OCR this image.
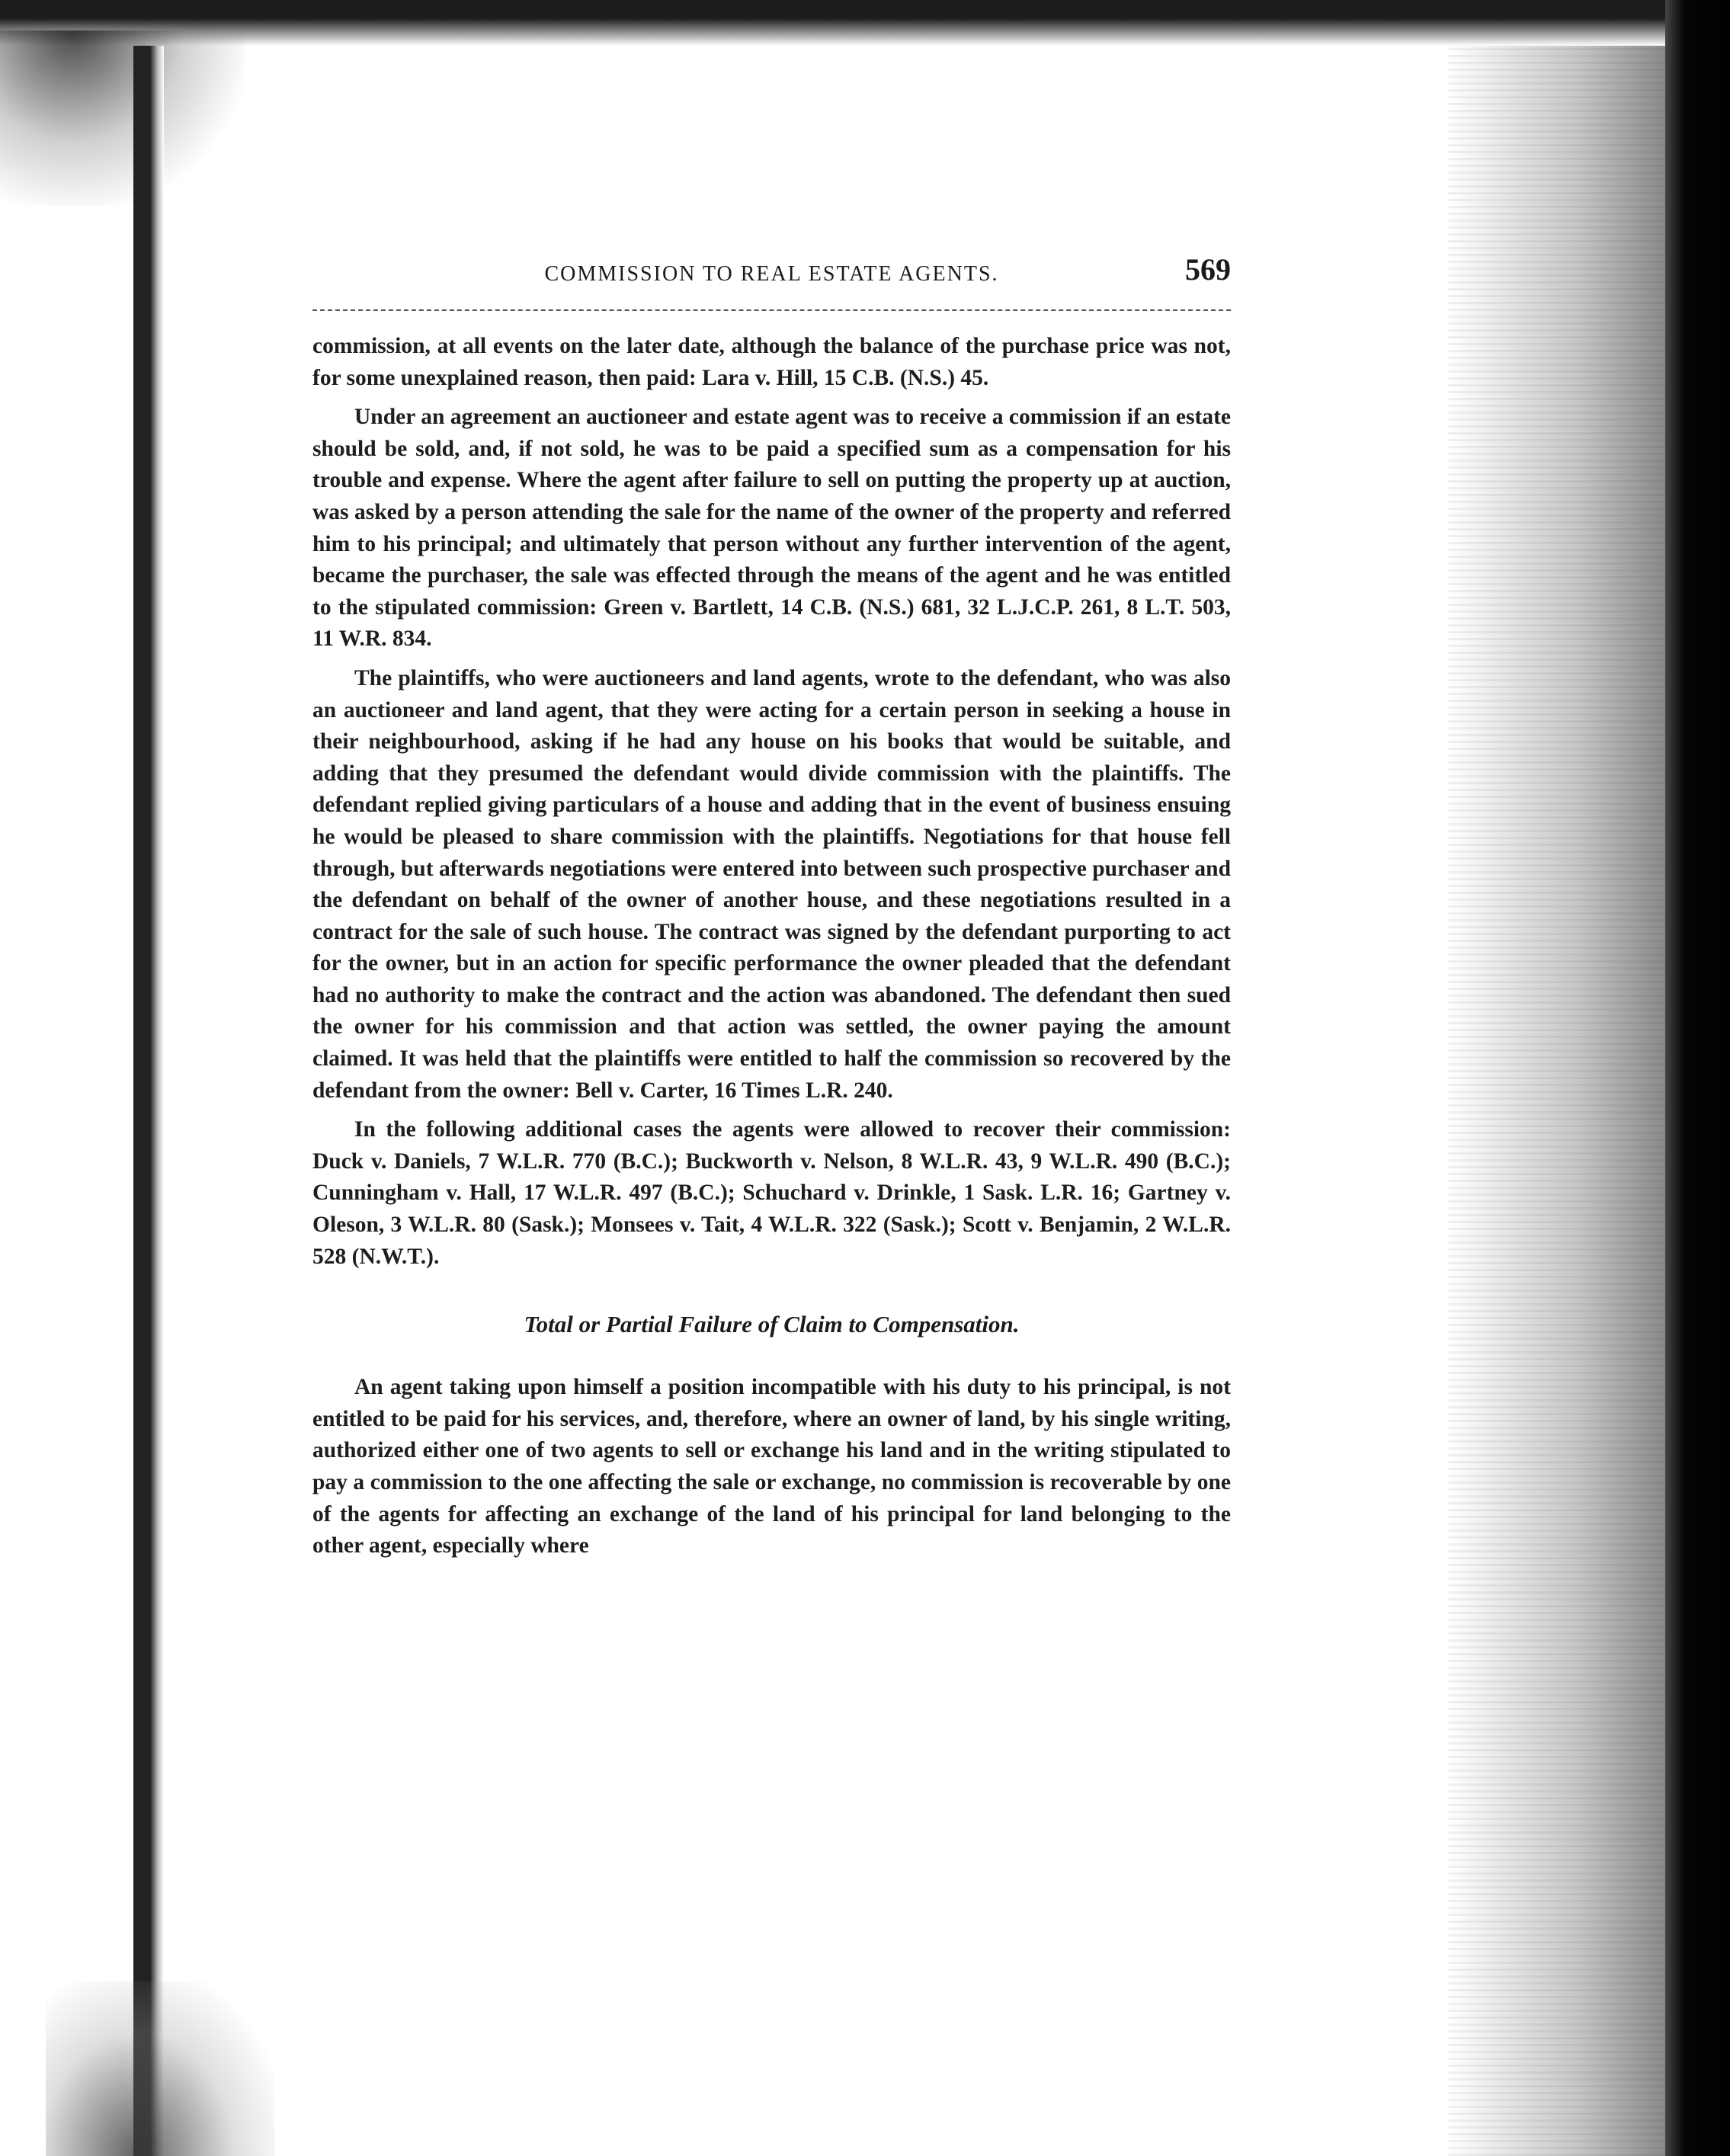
COMMISSION TO REAL ESTATE AGENTS.	569

commission, at all events on the later date, although the balance of the purchase price was not, for some unexplained reason, then paid: Lara v. Hill, 15 C.B. (N.S.) 45.

Under an agreement an auctioneer and estate agent was to receive a commission if an estate should be sold, and, if not sold, he was to be paid a specified sum as a compensation for his trouble and expense. Where the agent after failure to sell on putting the property up at auction, was asked by a person attending the sale for the name of the owner of the property and referred him to his principal; and ultimately that person without any further intervention of the agent, became the purchaser, the sale was effected through the means of the agent and he was entitled to the stipulated commission: Green v. Bartlett, 14 C.B. (N.S.) 681, 32 L.J.C.P. 261, 8 L.T. 503, 11 W.R. 834.

The plaintiffs, who were auctioneers and land agents, wrote to the defendant, who was also an auctioneer and land agent, that they were acting for a certain person in seeking a house in their neighbourhood, asking if he had any house on his books that would be suitable, and adding that they presumed the defendant would divide commission with the plaintiffs. The defendant replied giving particulars of a house and adding that in the event of business ensuing he would be pleased to share commission with the plaintiffs. Negotiations for that house fell through, but afterwards negotiations were entered into between such prospective purchaser and the defendant on behalf of the owner of another house, and these negotiations resulted in a contract for the sale of such house. The contract was signed by the defendant purporting to act for the owner, but in an action for specific performance the owner pleaded that the defendant had no authority to make the contract and the action was abandoned. The defendant then sued the owner for his commission and that action was settled, the owner paying the amount claimed. It was held that the plaintiffs were entitled to half the commission so recovered by the defendant from the owner: Bell v. Carter, 16 Times L.R. 240.

In the following additional cases the agents were allowed to recover their commission: Duck v. Daniels, 7 W.L.R. 770 (B.C.); Buckworth v. Nelson, 8 W.L.R. 43, 9 W.L.R. 490 (B.C.); Cunningham v. Hall, 17 W.L.R. 497 (B.C.); Schuchard v. Drinkle, 1 Sask. L.R. 16; Gartney v. Oleson, 3 W.L.R. 80 (Sask.); Monsees v. Tait, 4 W.L.R. 322 (Sask.); Scott v. Benjamin, 2 W.L.R. 528 (N.W.T.).

Total or Partial Failure of Claim to Compensation.

An agent taking upon himself a position incompatible with his duty to his principal, is not entitled to be paid for his services, and, therefore, where an owner of land, by his single writing, authorized either one of two agents to sell or exchange his land and in the writing stipulated to pay a commission to the one affecting the sale or exchange, no commission is recoverable by one of the agents for affecting an exchange of the land of his principal for land belonging to the other agent, especially where
